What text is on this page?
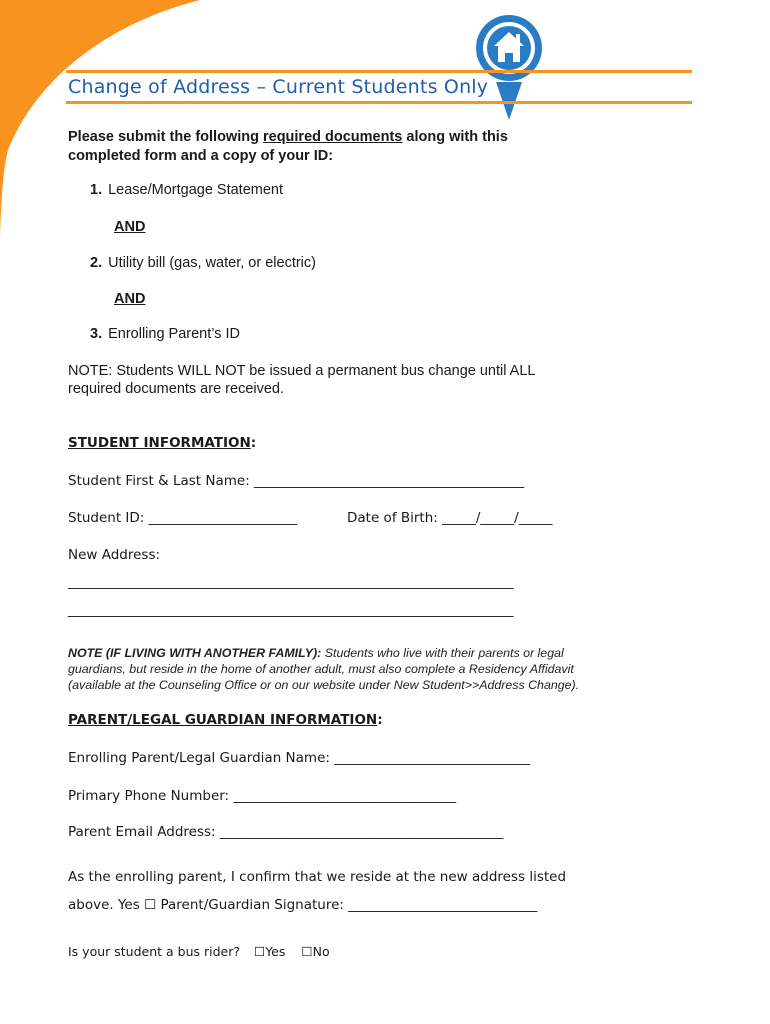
Change of Address – Current Students Only
Please submit the following required documents along with this
completed form and a copy of your ID:
1. Lease/Mortgage Statement
AND
2. Utility bill (gas, water, or electric)
AND
3. Enrolling Parent’s ID
NOTE: Students WILL NOT be issued a permanent bus change until ALL
required documents are received.
STUDENT INFORMATION:
Student First & Last Name: ________________________________________
Student ID: ______________________	Date of Birth: _____/_____/_____
New Address:
__________________________________________________________________
__________________________________________________________________
NOTE (IF LIVING WITH ANOTHER FAMILY): Students who live with their parents or legal
guardians, but reside in the home of another adult, must also complete a Residency Affidavit
(available at the Counseling Office or on our website under New Student>>Address Change).
PARENT/LEGAL GUARDIAN INFORMATION:
Enrolling Parent/Legal Guardian Name: _____________________________
Primary Phone Number: _________________________________
Parent Email Address: __________________________________________
As the enrolling parent, I confirm that we reside at the new address listed
above. Yes ☐ Parent/Guardian Signature: ____________________________
Is your student a bus rider? ☐Yes ☐No
